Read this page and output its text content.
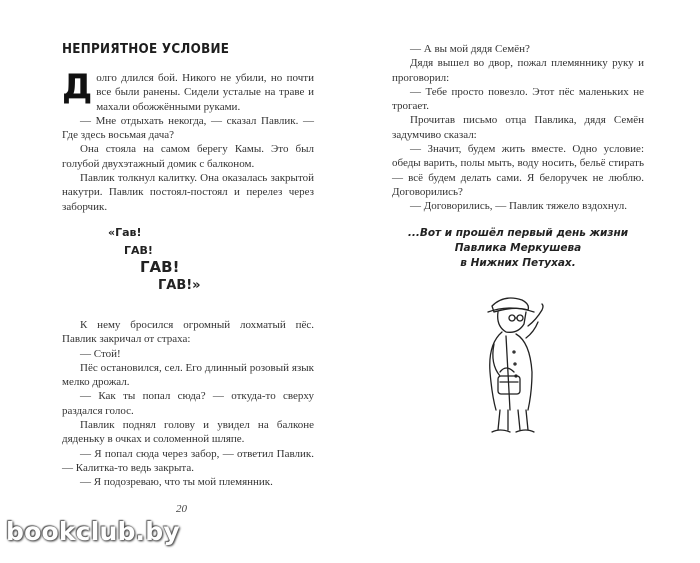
НЕПРИЯТНОЕ УСЛОВИЕ

Долго длился бой. Никого не убили, но почти все были ранены. Сидели усталые на траве и махали обожжёнными руками.

— Мне отдыхать некогда, — сказал Павлик. — Где здесь восьмая дача?

Она стояла на самом берегу Камы. Это был голубой двухэтажный домик с балконом.

Павлик толкнул калитку. Она оказалась закрытой накутри. Павлик постоял-постоял и перелез через заборчик.

«Гав!
ГАВ!
ГАВ!
ГАВ!»

К нему бросился огромный лохматый пёс. Павлик закричал от страха:

— Стой!

Пёс остановился, сел. Его длинный розовый язык мелко дрожал.

— Как ты попал сюда? — откуда-то сверху раздался голос.

Павлик поднял голову и увидел на балконе дяденьку в очках и соломенной шляпе.

— Я попал сюда через забор, — ответил Павлик. — Калитка-то ведь закрыта.

— Я подозреваю, что ты мой племянник.

20

— А вы мой дядя Семён?

Дядя вышел во двор, пожал племяннику руку и проговорил:

— Тебе просто повезло. Этот пёс маленьких не трогает.

Прочитав письмо отца Павлика, дядя Семён задумчиво сказал:

— Значит, будем жить вместе. Одно условие: обеды варить, полы мыть, воду носить, бельё стирать — всё будем делать сами. Я белоручек не люблю. Договорились?

— Договорились, — Павлик тяжело вздохнул.

...Вот и прошёл первый день жизни
Павлика Меркушева
в Нижних Петухах.
bookclub.by
